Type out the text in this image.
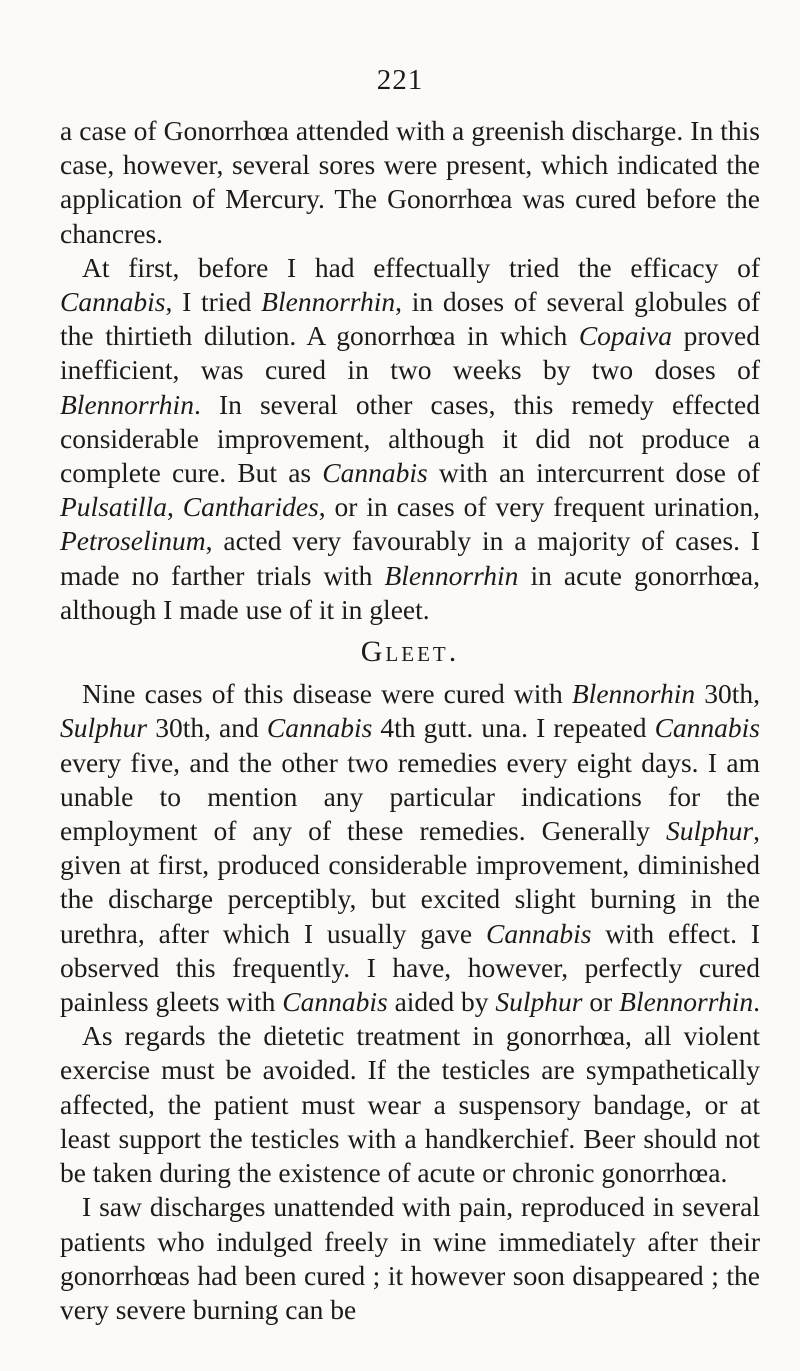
221

a case of Gonorrhœa attended with a greenish discharge. In this case, however, several sores were present, which indicated the application of Mercury. The Gonorrhœa was cured before the chancres.

At first, before I had effectually tried the efficacy of Cannabis, I tried Blennorrhin, in doses of several globules of the thirtieth dilution. A gonorrhœa in which Copaiva proved inefficient, was cured in two weeks by two doses of Blennorrhin. In several other cases, this remedy effected considerable improvement, although it did not produce a complete cure. But as Cannabis with an intercurrent dose of Pulsatilla, Cantharides, or in cases of very frequent urination, Petroselinum, acted very favourably in a majority of cases. I made no farther trials with Blennorrhin in acute gonorrhœa, although I made use of it in gleet.

Gleet.

Nine cases of this disease were cured with Blennorhin 30th, Sulphur 30th, and Cannabis 4th gutt. una. I repeated Cannabis every five, and the other two remedies every eight days. I am unable to mention any particular indications for the employment of any of these remedies. Generally Sulphur, given at first, produced considerable improvement, diminished the discharge perceptibly, but excited slight burning in the urethra, after which I usually gave Cannabis with effect. I observed this frequently. I have, however, perfectly cured painless gleets with Cannabis aided by Sulphur or Blennorrhin.

As regards the dietetic treatment in gonorrhœa, all violent exercise must be avoided. If the testicles are sympathetically affected, the patient must wear a suspensory bandage, or at least support the testicles with a handkerchief. Beer should not be taken during the existence of acute or chronic gonorrhœa.

I saw discharges unattended with pain, reproduced in several patients who indulged freely in wine immediately after their gonorrhœas had been cured ; it however soon disappeared ; the very severe burning can be
